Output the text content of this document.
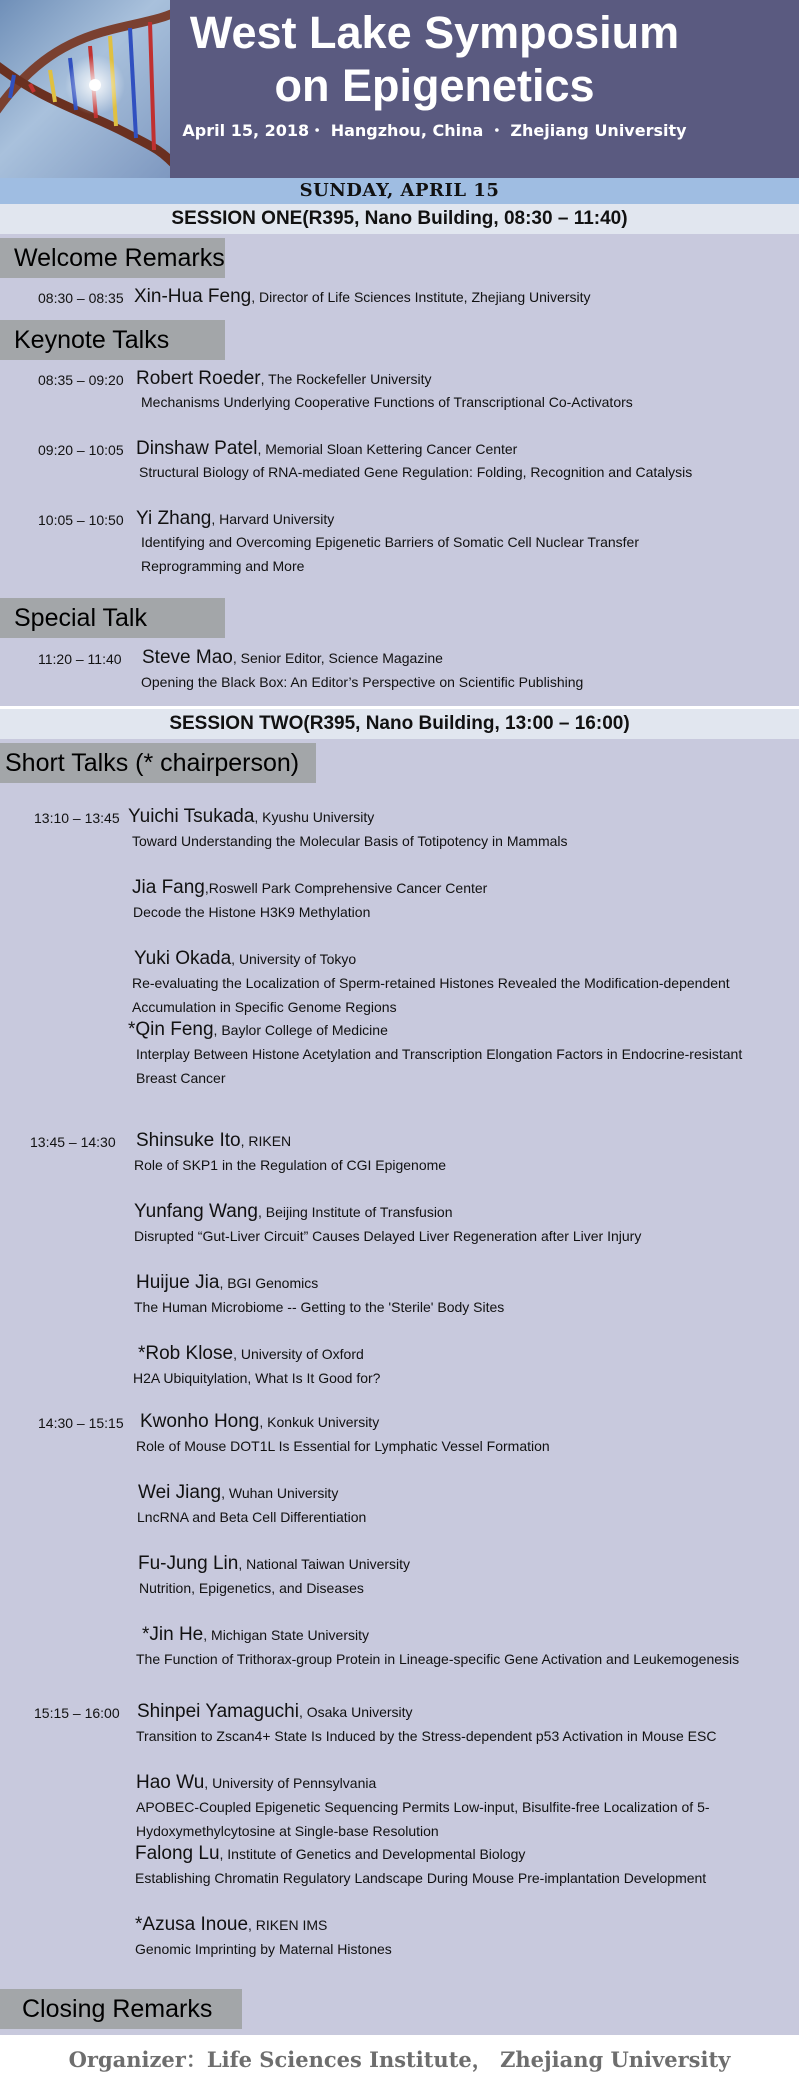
West Lake Symposium on Epigenetics
April 15, 2018・ Hangzhou, China ・ Zhejiang University
SUNDAY, APRIL 15
SESSION ONE(R395, Nano Building, 08:30 – 11:40)
Welcome Remarks
08:30 – 08:35 Xin-Hua Feng, Director of Life Sciences Institute, Zhejiang University
Keynote Talks
08:35 – 09:20 Robert Roeder, The Rockefeller University
Mechanisms Underlying Cooperative Functions of Transcriptional Co-Activators
09:20 – 10:05 Dinshaw Patel, Memorial Sloan Kettering Cancer Center
Structural Biology of RNA-mediated Gene Regulation: Folding, Recognition and Catalysis
10:05 – 10:50 Yi Zhang, Harvard University
Identifying and Overcoming Epigenetic Barriers of Somatic Cell Nuclear Transfer Reprogramming and More
Special Talk
11:20 – 11:40 Steve Mao, Senior Editor, Science Magazine
Opening the Black Box: An Editor’s Perspective on Scientific Publishing
SESSION TWO(R395, Nano Building, 13:00 – 16:00)
Short Talks (* chairperson)
13:10 – 13:45 Yuichi Tsukada, Kyushu University
Toward Understanding the Molecular Basis of Totipotency in Mammals
Jia Fang,Roswell Park Comprehensive Cancer Center
Decode the Histone H3K9 Methylation
Yuki Okada, University of Tokyo
Re-evaluating the Localization of Sperm-retained Histones Revealed the Modification-dependent Accumulation in Specific Genome Regions
*Qin Feng, Baylor College of Medicine
Interplay Between Histone Acetylation and Transcription Elongation Factors in Endocrine-resistant Breast Cancer
13:45 – 14:30 Shinsuke Ito, RIKEN
Role of SKP1 in the Regulation of CGI Epigenome
Yunfang Wang, Beijing Institute of Transfusion
Disrupted “Gut-Liver Circuit” Causes Delayed Liver Regeneration after Liver Injury
Huijue Jia, BGI Genomics
The Human Microbiome -- Getting to the 'Sterile' Body Sites
*Rob Klose, University of Oxford
H2A Ubiquitylation, What Is It Good for?
14:30 – 15:15 Kwonho Hong, Konkuk University
Role of Mouse DOT1L Is Essential for Lymphatic Vessel Formation
Wei Jiang, Wuhan University
LncRNA and Beta Cell Differentiation
Fu-Jung Lin, National Taiwan University
Nutrition, Epigenetics, and Diseases
*Jin He, Michigan State University
The Function of Trithorax-group Protein in Lineage-specific Gene Activation and Leukemogenesis
15:15 – 16:00 Shinpei Yamaguchi, Osaka University
Transition to Zscan4+ State Is Induced by the Stress-dependent p53 Activation in Mouse ESC
Hao Wu, University of Pennsylvania
APOBEC-Coupled Epigenetic Sequencing Permits Low-input, Bisulfite-free Localization of 5-Hydoxymethylcytosine at Single-base Resolution
Falong Lu, Institute of Genetics and Developmental Biology
Establishing Chromatin Regulatory Landscape During Mouse Pre-implantation Development
*Azusa Inoue, RIKEN IMS
Genomic Imprinting by Maternal Histones
Closing Remarks
Organizer：Life Sciences Institute， Zhejiang University
